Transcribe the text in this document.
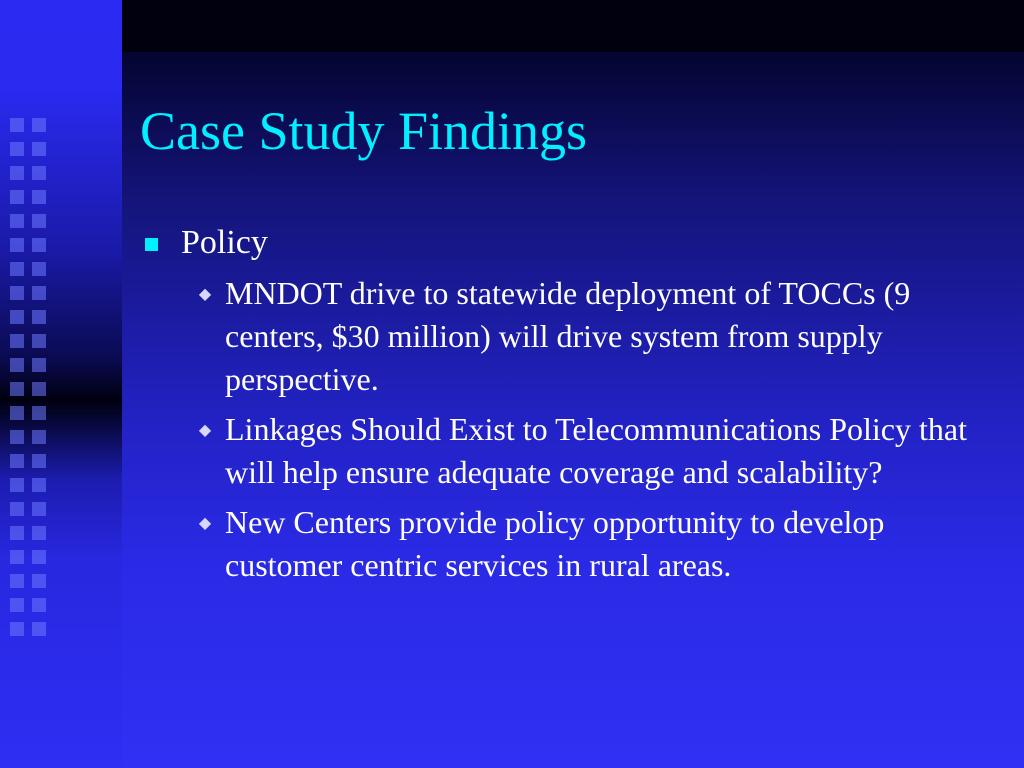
Case Study Findings
Policy
◆ MNDOT drive to statewide deployment of TOCCs (9 centers, $30 million) will drive system from supply perspective.
◆ Linkages Should Exist to Telecommunications Policy that will help ensure adequate coverage and scalability?
◆ New Centers provide policy opportunity to develop customer centric services in rural areas.
